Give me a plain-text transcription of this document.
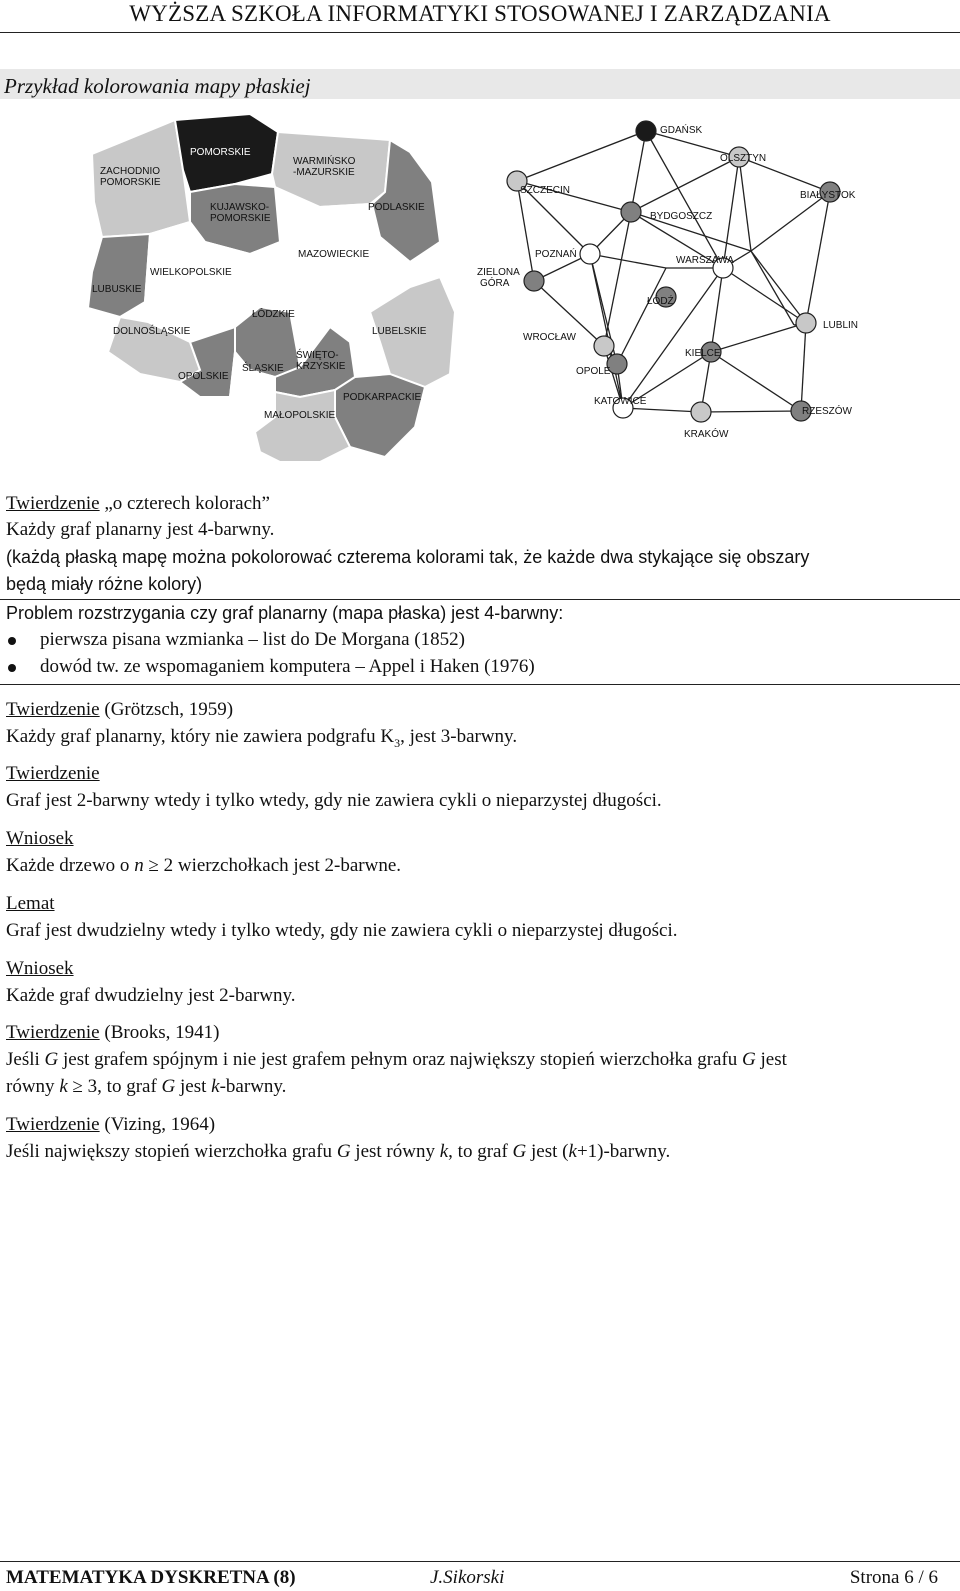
WYŻSZA SZKOŁA INFORMATYKI STOSOWANEJ I ZARZĄDZANIA
Przykład kolorowania mapy płaskiej
ZACHODNIO POMORSKIE
POMORSKIE
WARMIŃSKO -MAZURSKIE
PODLASKIE
KUJAWSKO-POMORSKIE
LUBUSKIE
WIELKOPOLSKIE
MAZOWIECKIE
ŁÓDZKIE
LUBELSKIE
DOLNOŚLĄSKIE
OPOLSKIE
ŚLĄSKIE
ŚWIĘTO-KRZYSKIE
PODKARPACKIE
MAŁOPOLSKIE
GDAŃSK
OLSZTYN
BIAŁYSTOK
SZCZECIN
BYDGOSZCZ
ZIELONA GÓRA
POZNAŃ
WARSZAWA
ŁÓDŹ
LUBLIN
WROCŁAW
OPOLE
KIELCE
KATOWICE
KRAKÓW
RZESZÓW
Twierdzenie „o czterech kolorach”
Każdy graf planarny jest 4-barwny.
(każdą płaską mapę można pokolorować czterema kolorami tak, że każde dwa stykające się obszary
będą miały różne kolory)
Problem rozstrzygania czy graf planarny (mapa płaska) jest 4-barwny:
pierwsza pisana wzmianka – list do De Morgana (1852)
dowód tw. ze wspomaganiem komputera – Appel i Haken (1976)
Twierdzenie (Grötzsch, 1959)
Każdy graf planarny, który nie zawiera podgrafu $K_3$, jest 3-barwny.
Twierdzenie
Graf jest 2-barwny wtedy i tylko wtedy, gdy nie zawiera cykli o nieparzystej długości.
Wniosek
Każde drzewo o n ≥ 2 wierzchołkach jest 2-barwne.
Lemat
Graf jest dwudzielny wtedy i tylko wtedy, gdy nie zawiera cykli o nieparzystej długości.
Wniosek
Każde graf dwudzielny jest 2-barwny.
Twierdzenie (Brooks, 1941)
Jeśli G jest grafem spójnym i nie jest grafem pełnym oraz największy stopień wierzchołka grafu G jest
równy k ≥ 3, to graf G jest k-barwny.
Twierdzenie (Vizing, 1964)
Jeśli największy stopień wierzchołka grafu G jest równy k, to graf G jest (k+1)-barwny.
MATEMATYKA DYSKRETNA (8)	J.Sikorski	Strona 6 / 6
